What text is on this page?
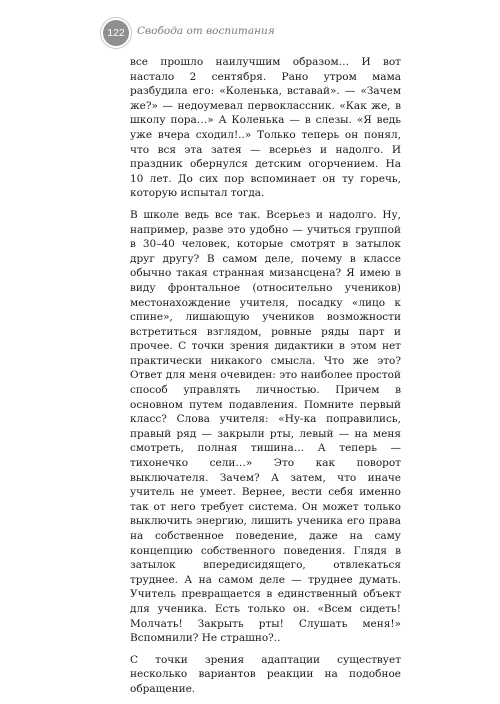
122	Свобода от воспитания

все прошло наилучшим образом… И вот настало 2 сентября. Рано утром мама разбудила его: «Коленька, вставай». — «Зачем же?» — недоумевал первоклассник. «Как же, в школу пора…» А Коленька — в слезы. «Я ведь уже вчера сходил!..» Только теперь он понял, что вся эта затея — всерьез и надолго. И праздник обернулся детским огорчением. На 10 лет. До сих пор вспоминает он ту горечь, которую испытал тогда.

В школе ведь все так. Всерьез и надолго. Ну, например, разве это удобно — учиться группой в 30–40 человек, которые смотрят в затылок друг другу? В самом деле, почему в классе обычно такая странная мизансцена? Я имею в виду фронтальное (относительно учеников) местонахождение учителя, посадку «лицо к спине», лишающую учеников возможности встретиться взглядом, ровные ряды парт и прочее. С точки зрения дидактики в этом нет практически никакого смысла. Что же это? Ответ для меня очевиден: это наиболее простой способ управлять личностью. Причем в основном путем подавления. Помните первый класс? Слова учителя: «Ну-ка поправились, правый ряд — закрыли рты, левый — на меня смотреть, полная тишина… А теперь — тихонечко сели…» Это как поворот выключателя. Зачем? А затем, что иначе учитель не умеет. Вернее, вести себя именно так от него требует система. Он может только выключить энергию, лишить ученика его права на собственное поведение, даже на саму концепцию собственного поведения. Глядя в затылок впередисидящего, отвлекаться труднее. А на самом деле — труднее думать. Учитель превращается в единственный объект для ученика. Есть только он. «Всем сидеть! Молчать! Закрыть рты! Слушать меня!» Вспомнили? Не страшно?..

С точки зрения адаптации существует несколько вариантов реакции на подобное обращение.
